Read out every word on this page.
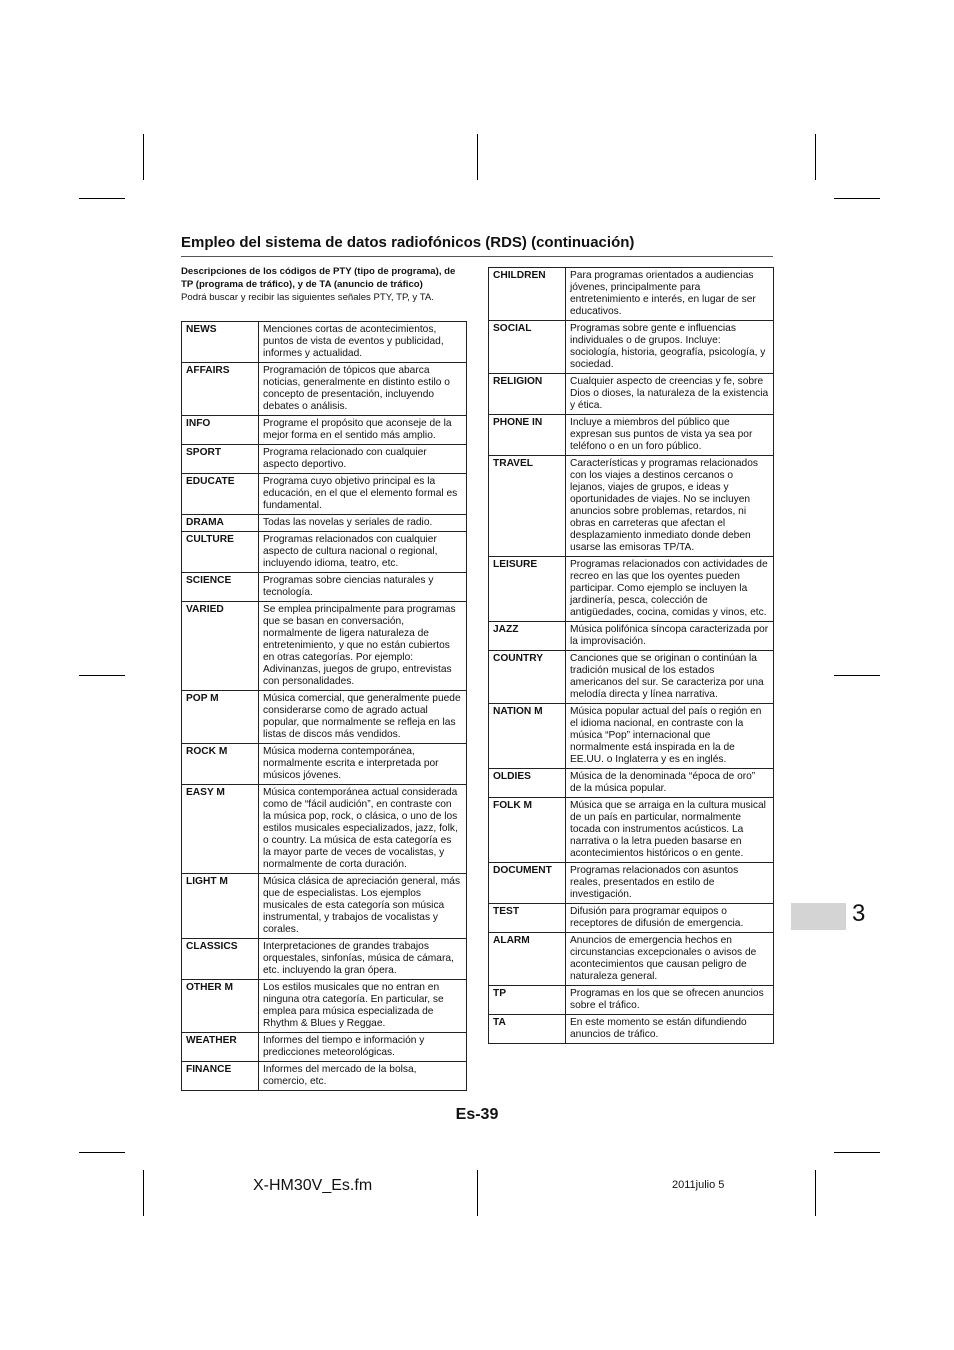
Empleo del sistema de datos radiofónicos (RDS) (continuación)
Descripciones de los códigos de PTY (tipo de programa), de TP (programa de tráfico), y de TA (anuncio de tráfico)
Podrá buscar y recibir las siguientes señales PTY, TP, y TA.
NEWS	Menciones cortas de acontecimientos, puntos de vista de eventos y publicidad, informes y actualidad.
AFFAIRS	Programación de tópicos que abarca noticias, generalmente en distinto estilo o concepto de presentación, incluyendo debates o análisis.
INFO	Programe el propósito que aconseje de la mejor forma en el sentido más amplio.
SPORT	Programa relacionado con cualquier aspecto deportivo.
EDUCATE	Programa cuyo objetivo principal es la educación, en el que el elemento formal es fundamental.
DRAMA	Todas las novelas y seriales de radio.
CULTURE	Programas relacionados con cualquier aspecto de cultura nacional o regional, incluyendo idioma, teatro, etc.
SCIENCE	Programas sobre ciencias naturales y tecnología.
VARIED	Se emplea principalmente para programas que se basan en conversación, normalmente de ligera naturaleza de entretenimiento, y que no están cubiertos en otras categorías. Por ejemplo: Adivinanzas, juegos de grupo, entrevistas con personalidades.
POP M	Música comercial, que generalmente puede considerarse como de agrado actual popular, que normalmente se refleja en las listas de discos más vendidos.
ROCK M	Música moderna contemporánea, normalmente escrita e interpretada por músicos jóvenes.
EASY M	Música contemporánea actual considerada como de “fácil audición”, en contraste con la música pop, rock, o clásica, o uno de los estilos musicales especializados, jazz, folk, o country. La música de esta categoría es la mayor parte de veces de vocalistas, y normalmente de corta duración.
LIGHT M	Música clásica de apreciación general, más que de especialistas. Los ejemplos musicales de esta categoría son música instrumental, y trabajos de vocalistas y corales.
CLASSICS	Interpretaciones de grandes trabajos orquestales, sinfonías, música de cámara, etc. incluyendo la gran ópera.
OTHER M	Los estilos musicales que no entran en ninguna otra categoría. En particular, se emplea para música especializada de Rhythm & Blues y Reggae.
WEATHER	Informes del tiempo e información y predicciones meteorológicas.
FINANCE	Informes del mercado de la bolsa, comercio, etc.
CHILDREN	Para programas orientados a audiencias jóvenes, principalmente para entretenimiento e interés, en lugar de ser educativos.
SOCIAL	Programas sobre gente e influencias individuales o de grupos. Incluye: sociología, historia, geografía, psicología, y sociedad.
RELIGION	Cualquier aspecto de creencias y fe, sobre Dios o dioses, la naturaleza de la existencia y ética.
PHONE IN	Incluye a miembros del público que expresan sus puntos de vista ya sea por teléfono o en un foro público.
TRAVEL	Características y programas relacionados con los viajes a destinos cercanos o lejanos, viajes de grupos, e ideas y oportunidades de viajes. No se incluyen anuncios sobre problemas, retardos, ni obras en carreteras que afectan el desplazamiento inmediato donde deben usarse las emisoras TP/TA.
LEISURE	Programas relacionados con actividades de recreo en las que los oyentes pueden participar. Como ejemplo se incluyen la jardinería, pesca, colección de antigüedades, cocina, comidas y vinos, etc.
JAZZ	Música polifónica síncopa caracterizada por la improvisación.
COUNTRY	Canciones que se originan o continúan la tradición musical de los estados americanos del sur. Se caracteriza por una melodía directa y línea narrativa.
NATION M	Música popular actual del país o región en el idioma nacional, en contraste con la música “Pop” internacional que normalmente está inspirada en la de EE.UU. o Inglaterra y es en inglés.
OLDIES	Música de la denominada “época de oro” de la música popular.
FOLK M	Música que se arraiga en la cultura musical de un país en particular, normalmente tocada con instrumentos acústicos. La narrativa o la letra pueden basarse en acontecimientos históricos o en gente.
DOCUMENT	Programas relacionados con asuntos reales, presentados en estilo de investigación.
TEST	Difusión para programar equipos o receptores de difusión de emergencia.
ALARM	Anuncios de emergencia hechos en circunstancias excepcionales o avisos de acontecimientos que causan peligro de naturaleza general.
TP	Programas en los que se ofrecen anuncios sobre el tráfico.
TA	En este momento se están difundiendo anuncios de tráfico.
3
Es-39
X-HM30V_Es.fm	2011julio 5
